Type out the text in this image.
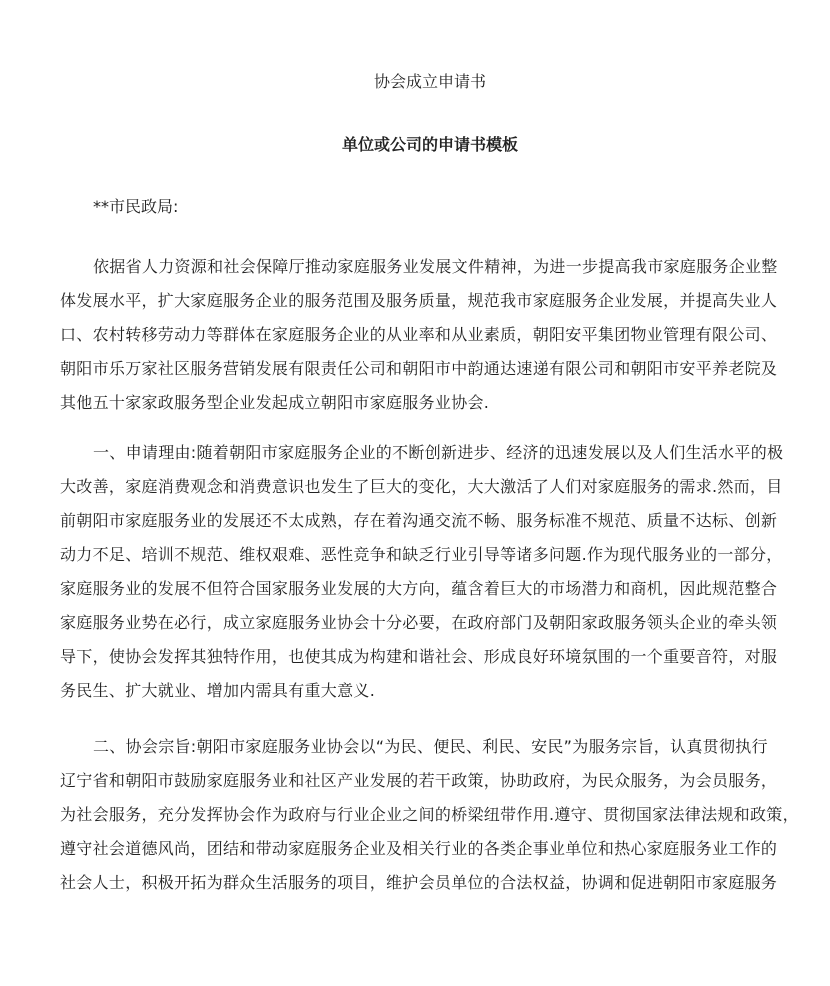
协会成立申请书
单位或公司的申请书模板
**市民政局:
依据省人力资源和社会保障厅推动家庭服务业发展文件精神，为进一步提高我市家庭服务企业整
体发展水平，扩大家庭服务企业的服务范围及服务质量，规范我市家庭服务企业发展，并提高失业人
口、农村转移劳动力等群体在家庭服务企业的从业率和从业素质，朝阳安平集团物业管理有限公司、
朝阳市乐万家社区服务营销发展有限责任公司和朝阳市中韵通达速递有限公司和朝阳市安平养老院及
其他五十家家政服务型企业发起成立朝阳市家庭服务业协会.
一、申请理由:随着朝阳市家庭服务企业的不断创新进步、经济的迅速发展以及人们生活水平的极
大改善，家庭消费观念和消费意识也发生了巨大的变化，大大激活了人们对家庭服务的需求.然而，目
前朝阳市家庭服务业的发展还不太成熟，存在着沟通交流不畅、服务标准不规范、质量不达标、创新
动力不足、培训不规范、维权艰难、恶性竞争和缺乏行业引导等诸多问题.作为现代服务业的一部分，
家庭服务业的发展不但符合国家服务业发展的大方向，蕴含着巨大的市场潜力和商机，因此规范整合
家庭服务业势在必行，成立家庭服务业协会十分必要，在政府部门及朝阳家政服务领头企业的牵头领
导下，使协会发挥其独特作用，也使其成为构建和谐社会、形成良好环境氛围的一个重要音符，对服
务民生、扩大就业、增加内需具有重大意义.
二、协会宗旨:朝阳市家庭服务业协会以“为民、便民、利民、安民”为服务宗旨，认真贯彻执行
辽宁省和朝阳市鼓励家庭服务业和社区产业发展的若干政策，协助政府，为民众服务，为会员服务，
为社会服务，充分发挥协会作为政府与行业企业之间的桥梁纽带作用.遵守、贯彻国家法律法规和政策，
遵守社会道德风尚，团结和带动家庭服务企业及相关行业的各类企事业单位和热心家庭服务业工作的
社会人士，积极开拓为群众生活服务的项目，维护会员单位的合法权益，协调和促进朝阳市家庭服务
